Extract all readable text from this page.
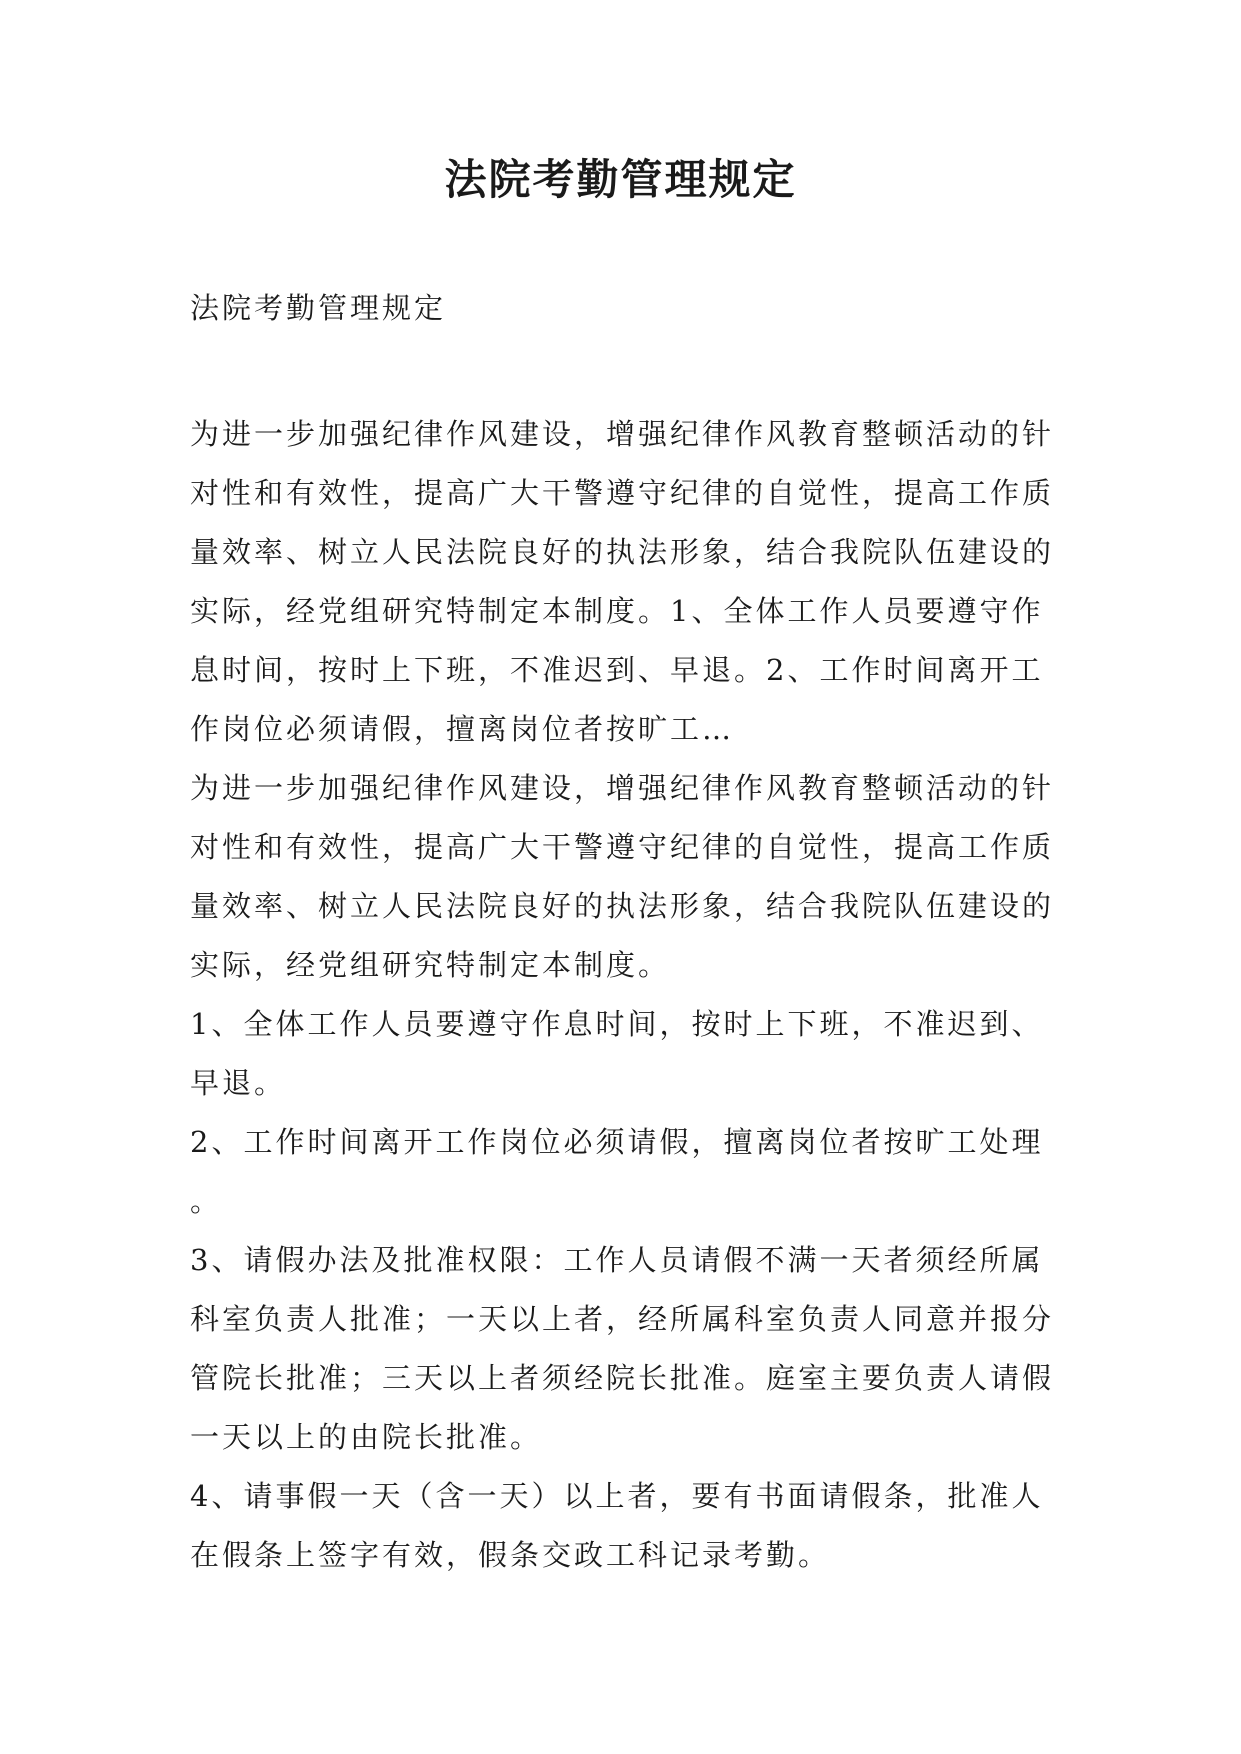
法院考勤管理规定

法院考勤管理规定

为进一步加强纪律作风建设，增强纪律作风教育整顿活动的针对性和有效性，提高广大干警遵守纪律的自觉性，提高工作质量效率、树立人民法院良好的执法形象，结合我院队伍建设的实际，经党组研究特制定本制度。1、全体工作人员要遵守作息时间，按时上下班，不准迟到、早退。2、工作时间离开工作岗位必须请假，擅离岗位者按旷工…

为进一步加强纪律作风建设，增强纪律作风教育整顿活动的针对性和有效性，提高广大干警遵守纪律的自觉性，提高工作质量效率、树立人民法院良好的执法形象，结合我院队伍建设的实际，经党组研究特制定本制度。

1、全体工作人员要遵守作息时间，按时上下班，不准迟到、早退。

2、工作时间离开工作岗位必须请假，擅离岗位者按旷工处理。

3、请假办法及批准权限：工作人员请假不满一天者须经所属科室负责人批准；一天以上者，经所属科室负责人同意并报分管院长批准；三天以上者须经院长批准。庭室主要负责人请假一天以上的由院长批准。

4、请事假一天（含一天）以上者，要有书面请假条，批准人在假条上签字有效，假条交政工科记录考勤。
